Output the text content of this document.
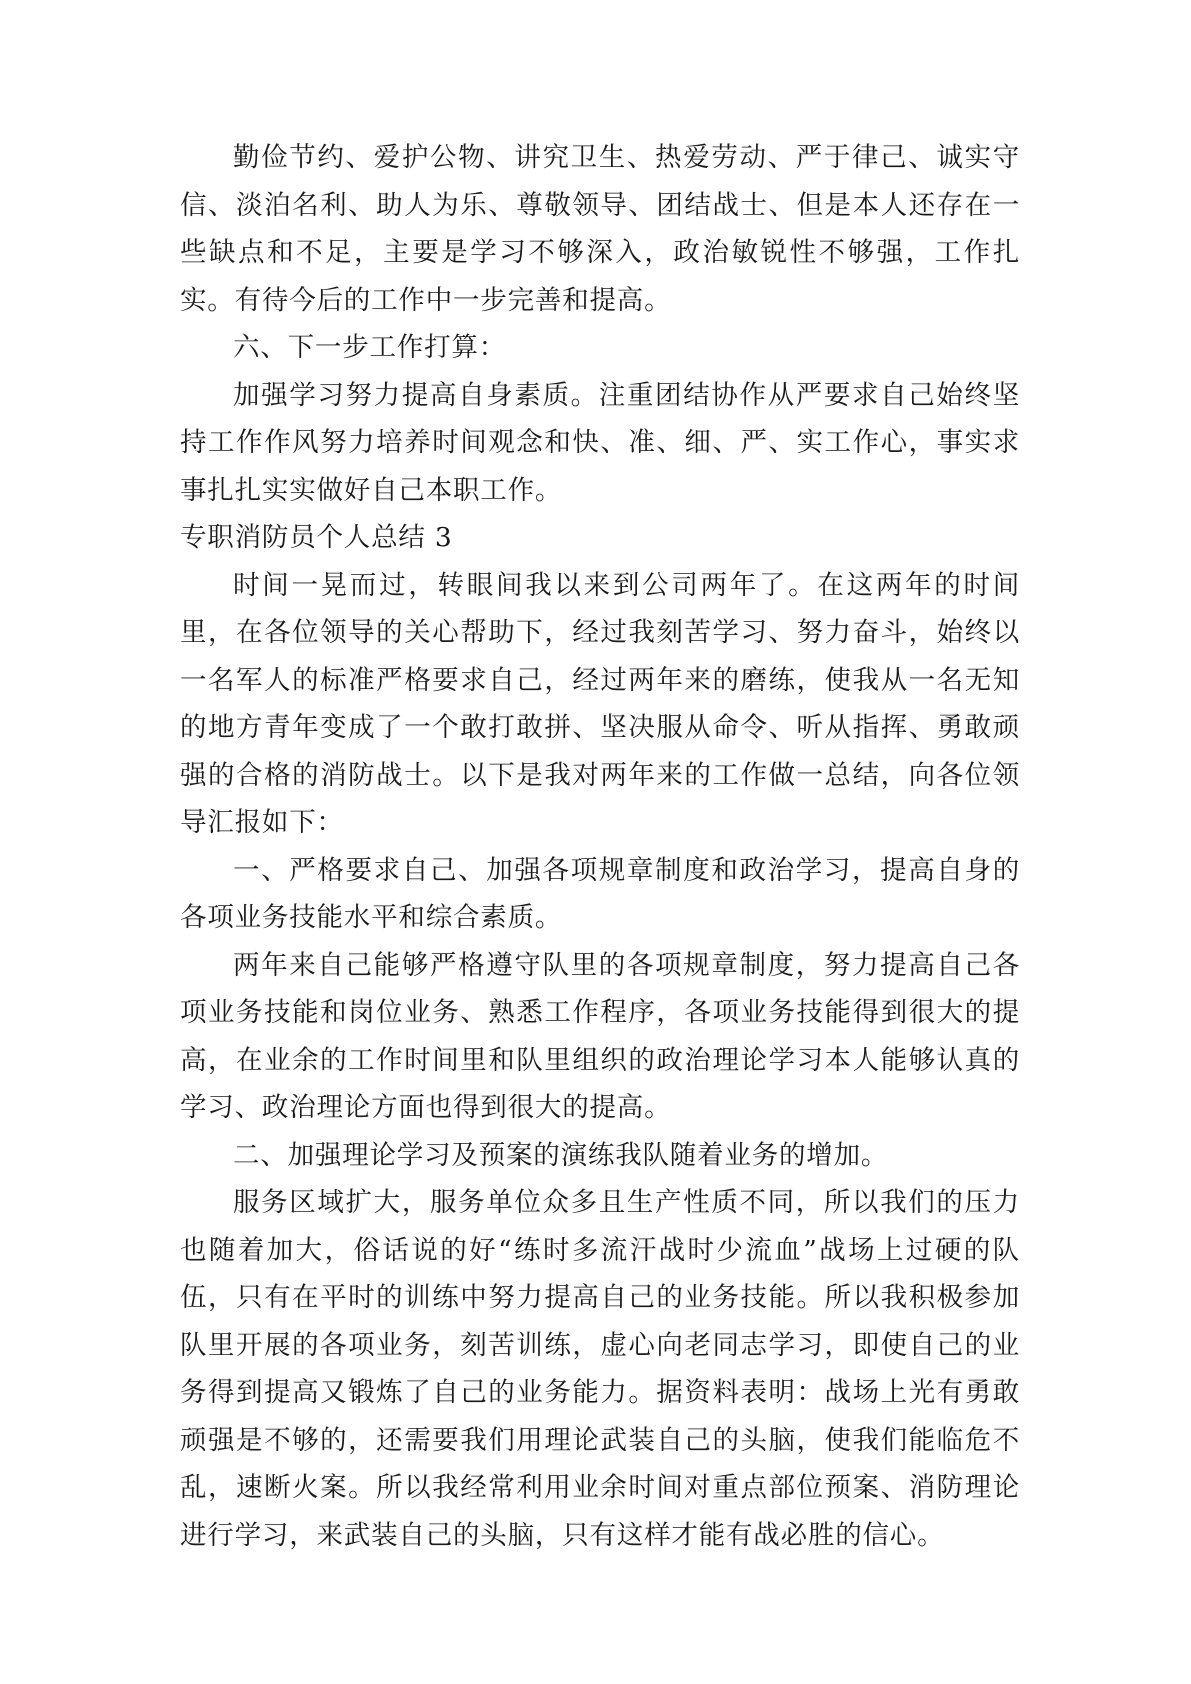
勤俭节约、爱护公物、讲究卫生、热爱劳动、严于律己、诚实守信、淡泊名利、助人为乐、尊敬领导、团结战士、但是本人还存在一些缺点和不足，主要是学习不够深入，政治敏锐性不够强，工作扎实。有待今后的工作中一步完善和提高。

六、下一步工作打算：

加强学习努力提高自身素质。注重团结协作从严要求自己始终坚持工作作风努力培养时间观念和快、准、细、严、实工作心，事实求事扎扎实实做好自己本职工作。

专职消防员个人总结 3

时间一晃而过，转眼间我以来到公司两年了。在这两年的时间里，在各位领导的关心帮助下，经过我刻苦学习、努力奋斗，始终以一名军人的标准严格要求自己，经过两年来的磨练，使我从一名无知的地方青年变成了一个敢打敢拼、坚决服从命令、听从指挥、勇敢顽强的合格的消防战士。以下是我对两年来的工作做一总结，向各位领导汇报如下：

一、严格要求自己、加强各项规章制度和政治学习，提高自身的各项业务技能水平和综合素质。

两年来自己能够严格遵守队里的各项规章制度，努力提高自己各项业务技能和岗位业务、熟悉工作程序，各项业务技能得到很大的提高，在业余的工作时间里和队里组织的政治理论学习本人能够认真的学习、政治理论方面也得到很大的提高。

二、加强理论学习及预案的演练我队随着业务的增加。

服务区域扩大，服务单位众多且生产性质不同，所以我们的压力也随着加大，俗话说的好“练时多流汗战时少流血”战场上过硬的队伍，只有在平时的训练中努力提高自己的业务技能。所以我积极参加队里开展的各项业务，刻苦训练，虚心向老同志学习，即使自己的业务得到提高又锻炼了自己的业务能力。据资料表明：战场上光有勇敢顽强是不够的，还需要我们用理论武装自己的头脑，使我们能临危不乱，速断火案。所以我经常利用业余时间对重点部位预案、消防理论进行学习，来武装自己的头脑，只有这样才能有战必胜的信心。
